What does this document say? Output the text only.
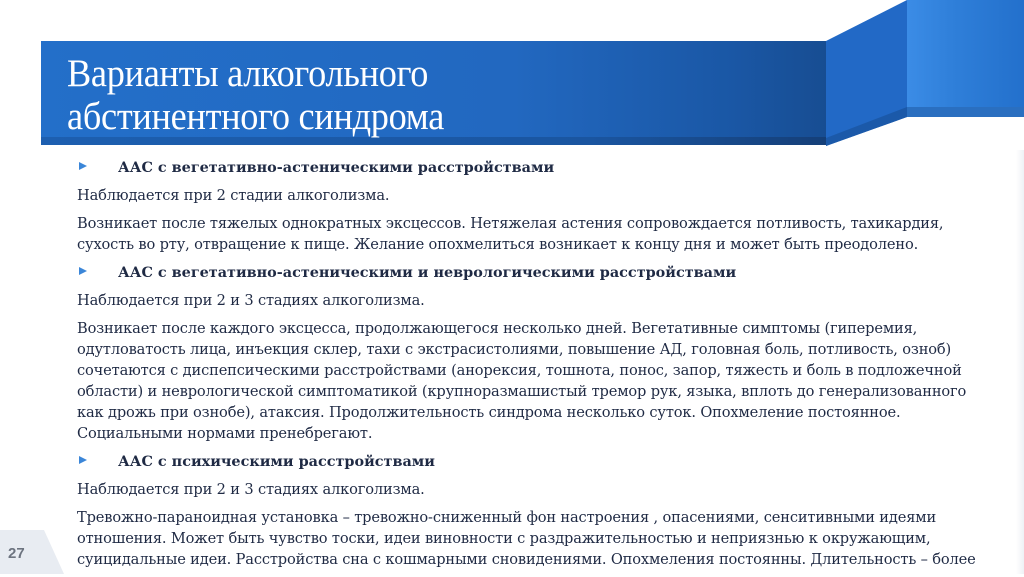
Варианты алкогольного
абстинентного синдрома
ААС с вегетативно-астеническими расстройствами

Наблюдается при 2 стадии алкоголизма.

Возникает после тяжелых однократных эксцессов. Нетяжелая астения сопровождается потливость, тахикардия, сухость во рту, отвращение к пище. Желание опохмелиться возникает к концу дня и может быть преодолено.

ААС с вегетативно-астеническими и неврологическими расстройствами

Наблюдается при 2 и 3 стадиях алкоголизма.

Возникает после каждого эксцесса, продолжающегося несколько дней. Вегетативные симптомы (гиперемия, одутловатость лица, инъекция склер, тахи с экстрасистолиями, повышение АД, головная боль, потливость, озноб) сочетаются с диспепсическими расстройствами (анорексия, тошнота, понос, запор, тяжесть и боль в подложечной области) и неврологической симптоматикой (крупноразмашистый тремор рук, языка, вплоть до генерализованного как дрожь при ознобе), атаксия. Продолжительность синдрома несколько суток. Опохмеление постоянное. Социальными нормами пренебрегают.

ААС с психическими расстройствами

Наблюдается при 2 и 3 стадиях алкоголизма.

Тревожно-параноидная установка – тревожно-сниженный фон настроения , опасениями, сенситивными идеями отношения. Может быть чувство тоски, идеи виновности с раздражительностью и неприязнью к окружающим, суицидальные идеи. Расстройства сна с кошмарными сновидениями. Опохмеления постоянны. Длительность – более

27
